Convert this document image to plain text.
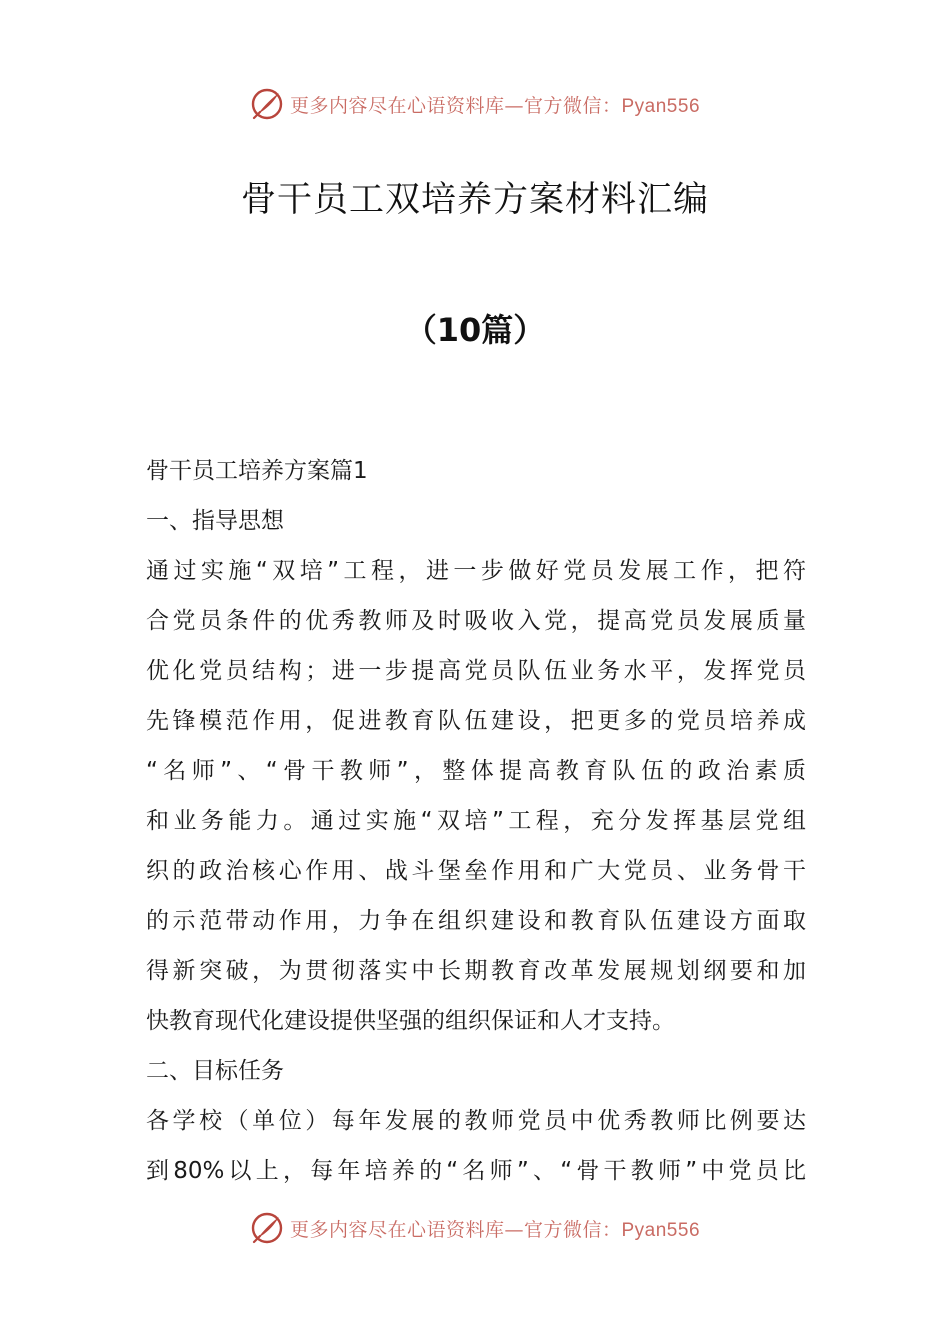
更多内容尽在心语资料库—官方微信：Pyan556
骨干员工双培养方案材料汇编
（10篇）
骨干员工培养方案篇1
一、指导思想
通过实施“双培”工程，进一步做好党员发展工作，把符
合党员条件的优秀教师及时吸收入党，提高党员发展质量
优化党员结构；进一步提高党员队伍业务水平，发挥党员
先锋模范作用，促进教育队伍建设，把更多的党员培养成
“名师”、“骨干教师”，整体提高教育队伍的政治素质
和业务能力。通过实施“双培”工程，充分发挥基层党组
织的政治核心作用、战斗堡垒作用和广大党员、业务骨干
的示范带动作用，力争在组织建设和教育队伍建设方面取
得新突破，为贯彻落实中长期教育改革发展规划纲要和加
快教育现代化建设提供坚强的组织保证和人才支持。
二、目标任务
各学校（单位）每年发展的教师党员中优秀教师比例要达
到80%以上，每年培养的“名师”、“骨干教师”中党员比
更多内容尽在心语资料库—官方微信：Pyan556
